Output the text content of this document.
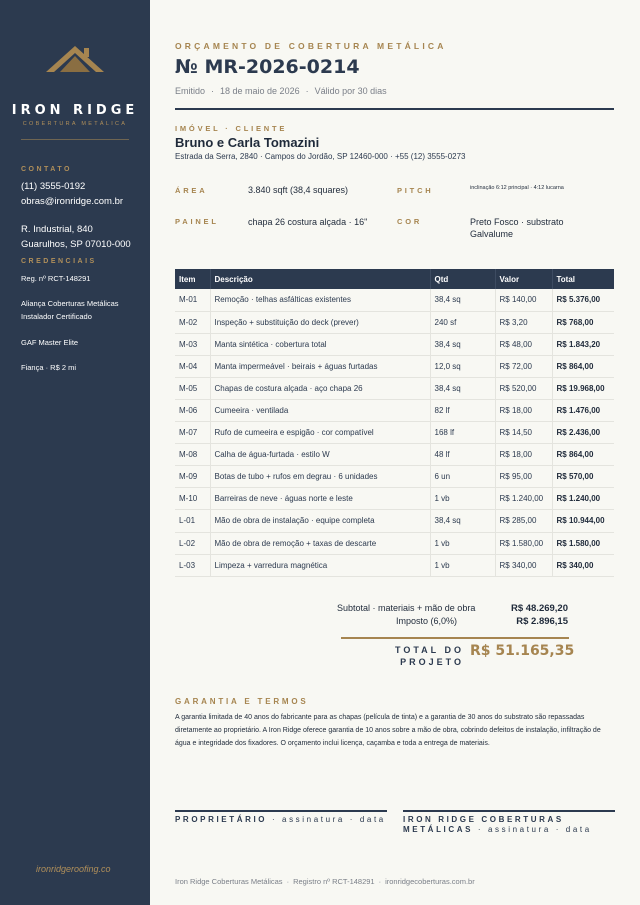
IRON RIDGE
COBERTURA METÁLICA
CONTATO
(11) 3555-0192
obras@ironridge.com.br
R. Industrial, 840
Guarulhos, SP 07010-000
CREDENCIAIS
Reg. nº RCT-148291
Aliança Coberturas Metálicas
Instalador Certificado
GAF Master Elite
Fiança · R$ 2 mi
ironridgeroofing.co
ORÇAMENTO DE COBERTURA METÁLICA
№ MR-2026-0214
Emitido · 18 de maio de 2026 · Válido por 30 dias
IMÓVEL · CLIENTE
Bruno e Carla Tomazini
Estrada da Serra, 2840 · Campos do Jordão, SP 12460-000 · +55 (12) 3555-0273
ÁREA	3.840 sqft (38,4 squares)	PITCH	inclinação 6:12 principal · 4:12 lucarna
PAINEL	chapa 26 costura alçada · 16"	COR	Preto Fosco · substrato
Galvalume
Item	Descrição	Qtd	Valor	Total
M-01	Remoção · telhas asfálticas existentes	38,4 sq	R$ 140,00	R$ 5.376,00
M-02	Inspeção + substituição do deck (prever)	240 sf	R$ 3,20	R$ 768,00
M-03	Manta sintética · cobertura total	38,4 sq	R$ 48,00	R$ 1.843,20
M-04	Manta impermeável · beirais + águas furtadas	12,0 sq	R$ 72,00	R$ 864,00
M-05	Chapas de costura alçada · aço chapa 26	38,4 sq	R$ 520,00	R$ 19.968,00
M-06	Cumeeira · ventilada	82 lf	R$ 18,00	R$ 1.476,00
M-07	Rufo de cumeeira e espigão · cor compatível	168 lf	R$ 14,50	R$ 2.436,00
M-08	Calha de água-furtada · estilo W	48 lf	R$ 18,00	R$ 864,00
M-09	Botas de tubo + rufos em degrau · 6 unidades	6 un	R$ 95,00	R$ 570,00
M-10	Barreiras de neve · águas norte e leste	1 vb	R$ 1.240,00	R$ 1.240,00
L-01	Mão de obra de instalação · equipe completa	38,4 sq	R$ 285,00	R$ 10.944,00
L-02	Mão de obra de remoção + taxas de descarte	1 vb	R$ 1.580,00	R$ 1.580,00
L-03	Limpeza + varredura magnética	1 vb	R$ 340,00	R$ 340,00
Subtotal · materiais + mão de obra	R$ 48.269,20
Imposto (6,0%)	R$ 2.896,15
TOTAL DO PROJETO
R$ 51.165,35
GARANTIA E TERMOS
A garantia limitada de 40 anos do fabricante para as chapas (película de tinta) e a garantia de 30 anos do substrato são repassadas diretamente ao proprietário. A Iron Ridge oferece garantia de 10 anos sobre a mão de obra, cobrindo defeitos de instalação, infiltração de água e integridade dos fixadores. O orçamento inclui licença, caçamba e toda a entrega de materiais.
PROPRIETÁRIO · assinatura · data IRON RIDGE COBERTURAS
METÁLICAS · assinatura · data
Iron Ridge Coberturas Metálicas · Registro nº RCT-148291 · ironridgecoberturas.com.br
